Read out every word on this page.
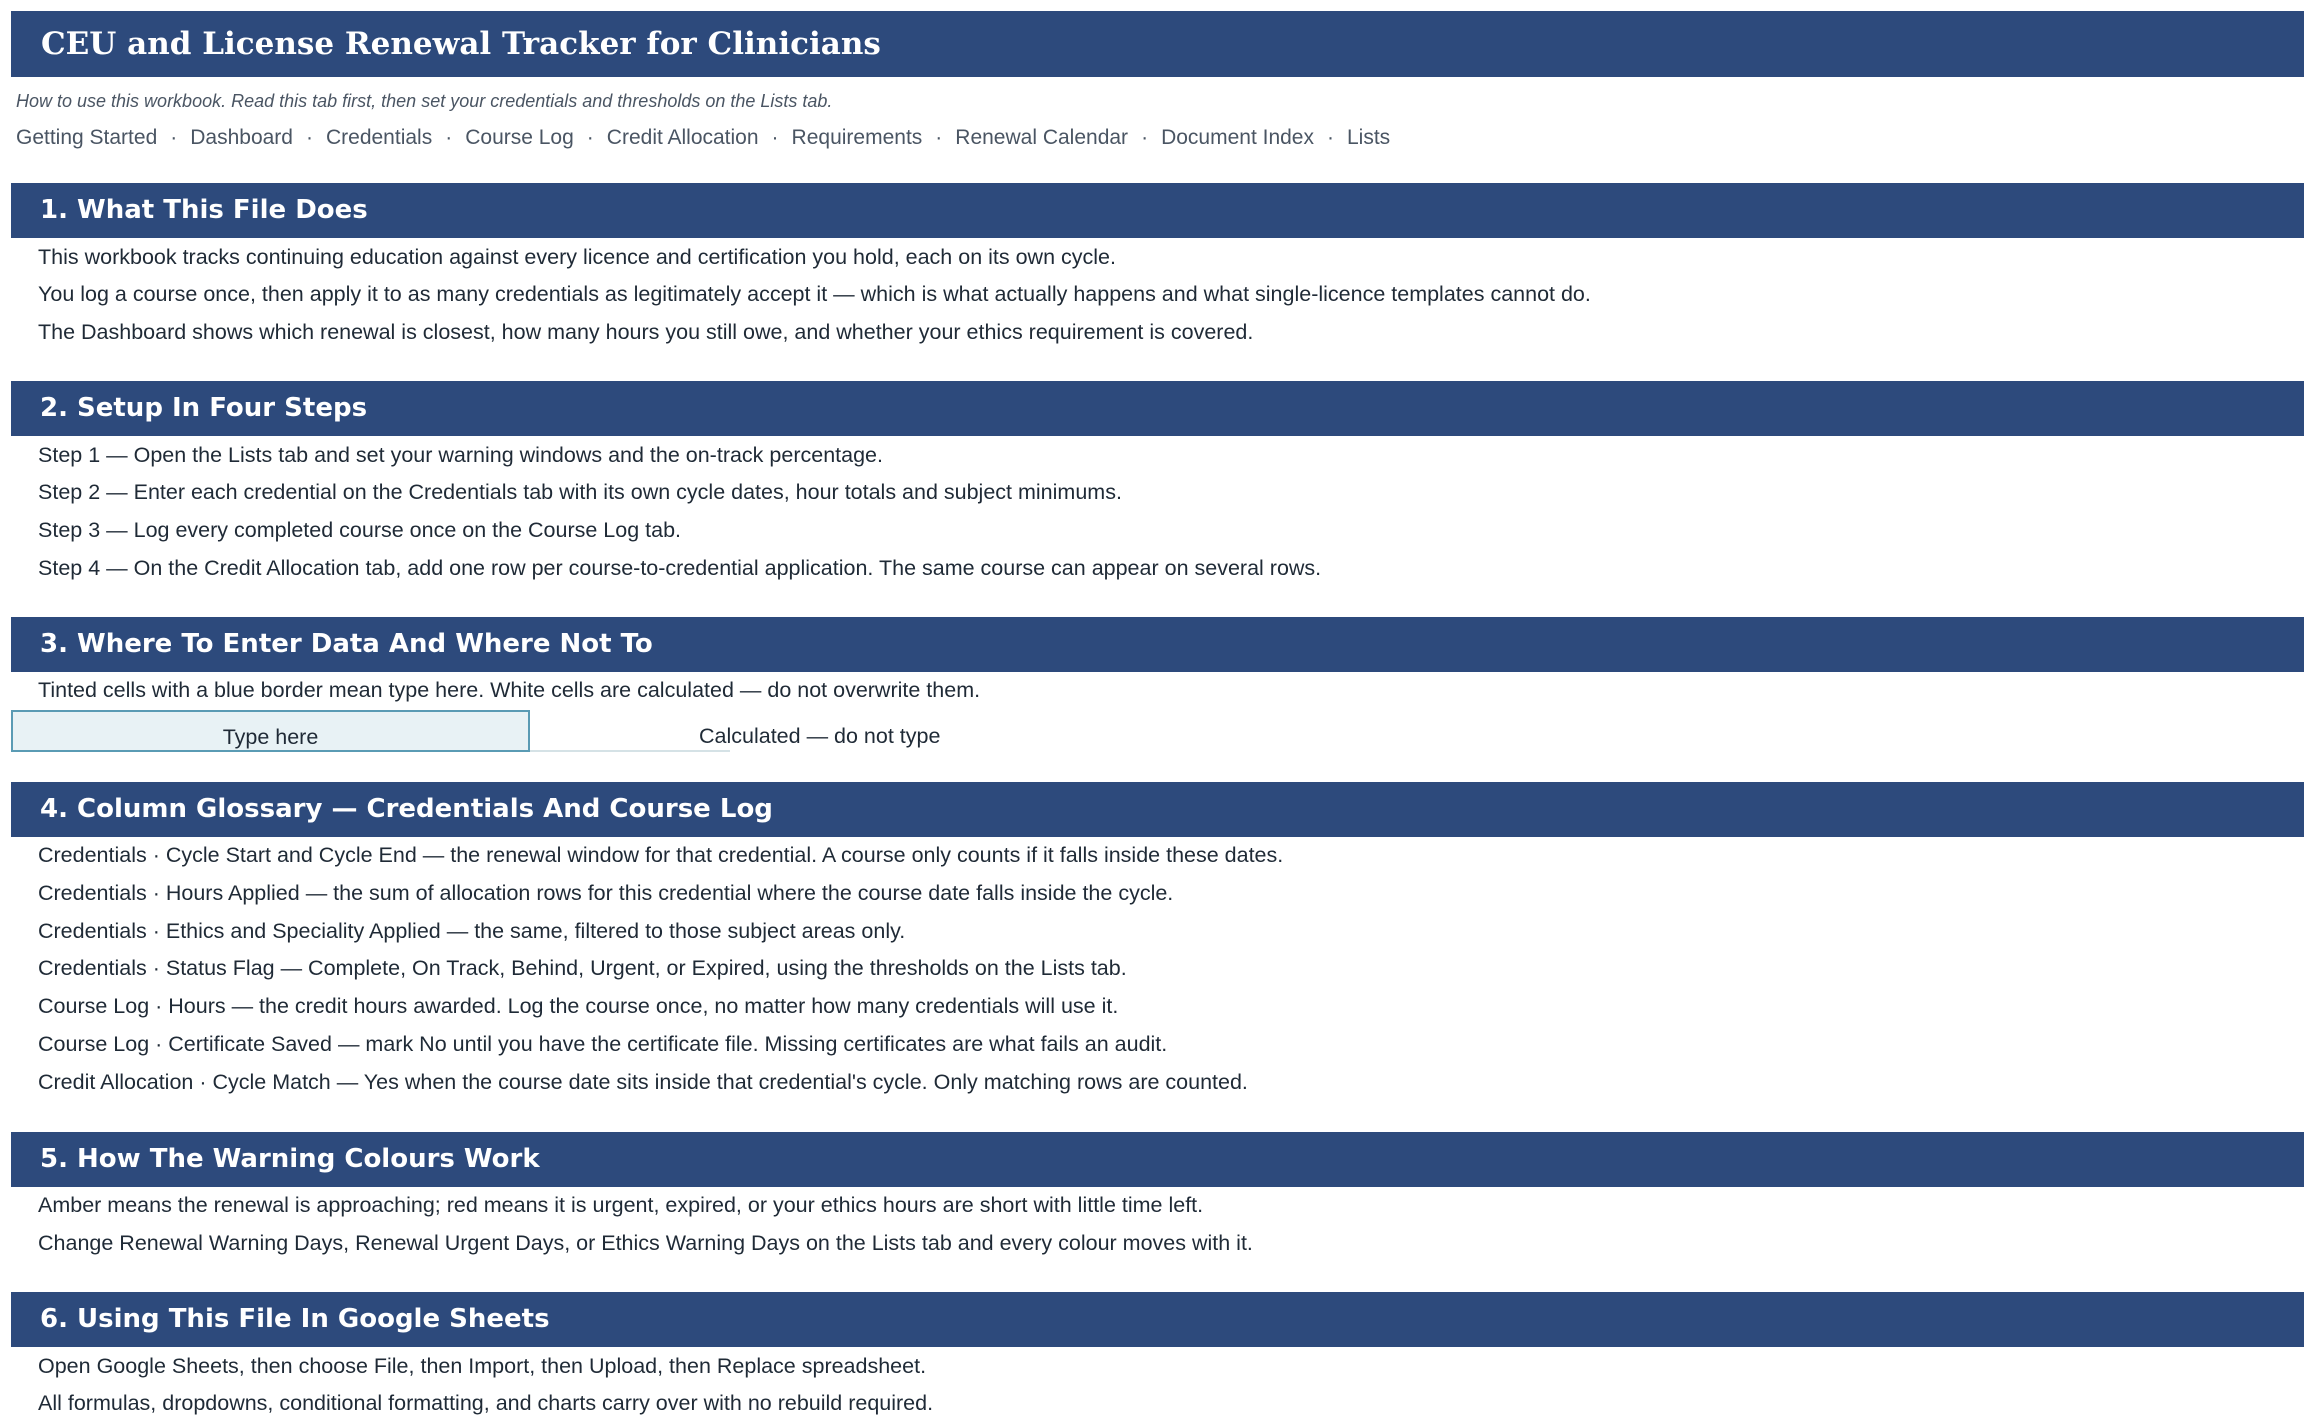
CEU and License Renewal Tracker for Clinicians
How to use this workbook. Read this tab first, then set your credentials and thresholds on the Lists tab.
Getting Started · Dashboard · Credentials · Course Log · Credit Allocation · Requirements · Renewal Calendar · Document Index · Lists
1. What This File Does
This workbook tracks continuing education against every licence and certification you hold, each on its own cycle.
You log a course once, then apply it to as many credentials as legitimately accept it — which is what actually happens and what single-licence templates cannot do.
The Dashboard shows which renewal is closest, how many hours you still owe, and whether your ethics requirement is covered.
2. Setup In Four Steps
Step 1 — Open the Lists tab and set your warning windows and the on-track percentage.
Step 2 — Enter each credential on the Credentials tab with its own cycle dates, hour totals and subject minimums.
Step 3 — Log every completed course once on the Course Log tab.
Step 4 — On the Credit Allocation tab, add one row per course-to-credential application. The same course can appear on several rows.
3. Where To Enter Data And Where Not To
Tinted cells with a blue border mean type here. White cells are calculated — do not overwrite them.
Type here	Calculated — do not type
4. Column Glossary — Credentials And Course Log
Credentials · Cycle Start and Cycle End — the renewal window for that credential. A course only counts if it falls inside these dates.
Credentials · Hours Applied — the sum of allocation rows for this credential where the course date falls inside the cycle.
Credentials · Ethics and Speciality Applied — the same, filtered to those subject areas only.
Credentials · Status Flag — Complete, On Track, Behind, Urgent, or Expired, using the thresholds on the Lists tab.
Course Log · Hours — the credit hours awarded. Log the course once, no matter how many credentials will use it.
Course Log · Certificate Saved — mark No until you have the certificate file. Missing certificates are what fails an audit.
Credit Allocation · Cycle Match — Yes when the course date sits inside that credential's cycle. Only matching rows are counted.
5. How The Warning Colours Work
Amber means the renewal is approaching; red means it is urgent, expired, or your ethics hours are short with little time left.
Change Renewal Warning Days, Renewal Urgent Days, or Ethics Warning Days on the Lists tab and every colour moves with it.
6. Using This File In Google Sheets
Open Google Sheets, then choose File, then Import, then Upload, then Replace spreadsheet.
All formulas, dropdowns, conditional formatting, and charts carry over with no rebuild required.
